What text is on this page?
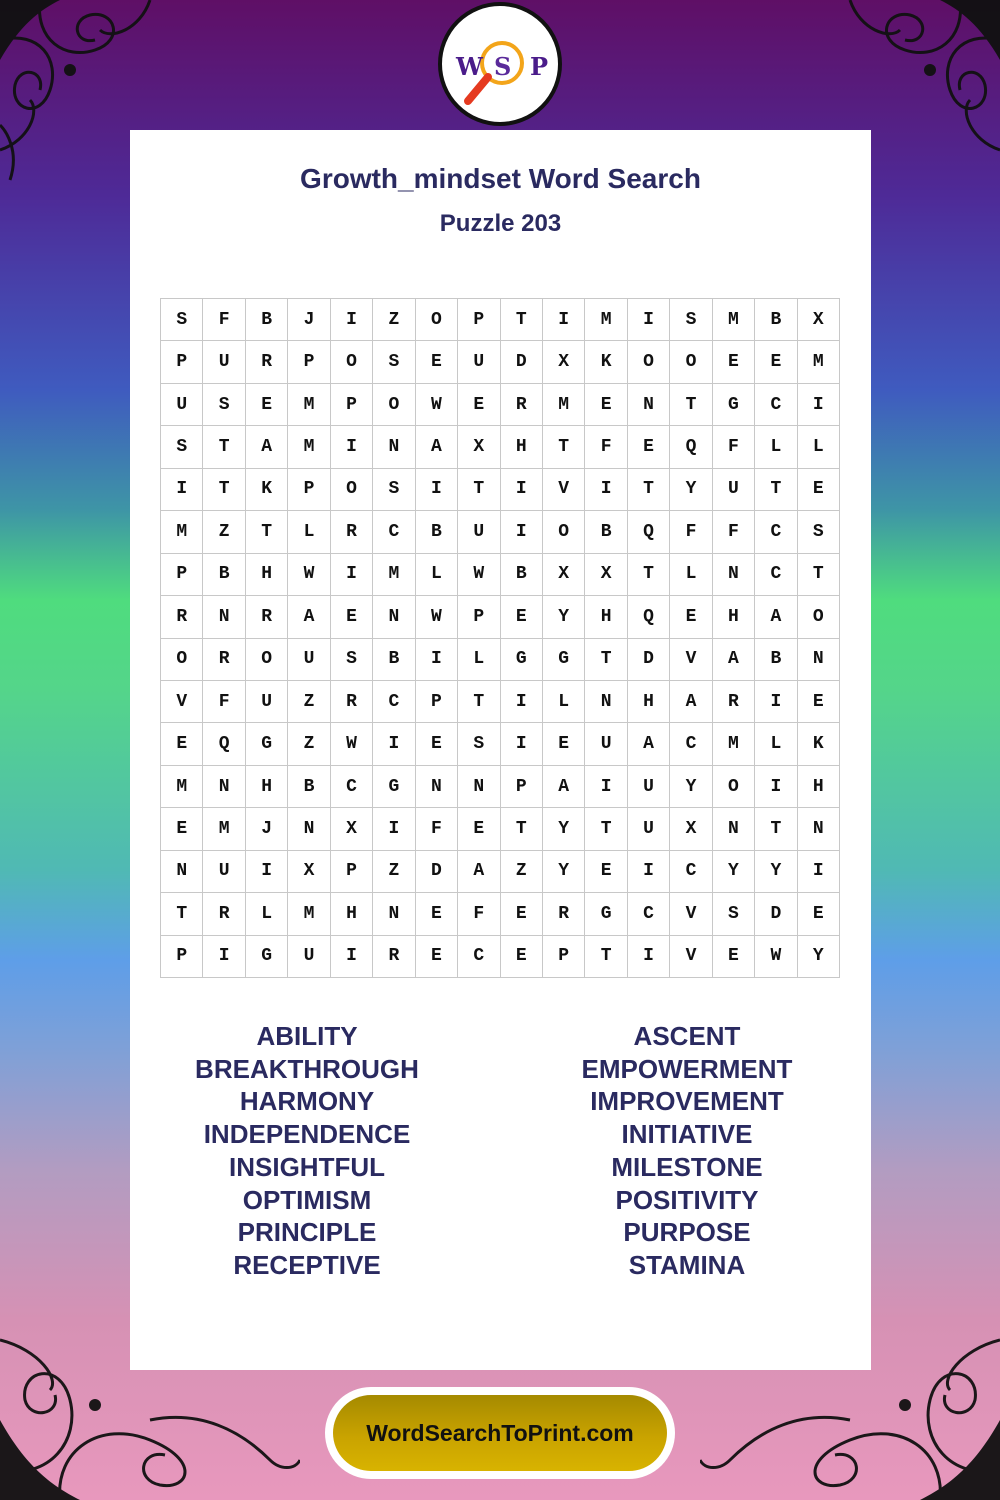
W S P
Growth_mindset Word Search
Puzzle 203
S	F	B	J	I	Z	O	P	T	I	M	I	S	M	B	X
P	U	R	P	O	S	E	U	D	X	K	O	O	E	E	M
U	S	E	M	P	O	W	E	R	M	E	N	T	G	C	I
S	T	A	M	I	N	A	X	H	T	F	E	Q	F	L	L
I	T	K	P	O	S	I	T	I	V	I	T	Y	U	T	E
M	Z	T	L	R	C	B	U	I	O	B	Q	F	F	C	S
P	B	H	W	I	M	L	W	B	X	X	T	L	N	C	T
R	N	R	A	E	N	W	P	E	Y	H	Q	E	H	A	O
O	R	O	U	S	B	I	L	G	G	T	D	V	A	B	N
V	F	U	Z	R	C	P	T	I	L	N	H	A	R	I	E
E	Q	G	Z	W	I	E	S	I	E	U	A	C	M	L	K
M	N	H	B	C	G	N	N	P	A	I	U	Y	O	I	H
E	M	J	N	X	I	F	E	T	Y	T	U	X	N	T	N
N	U	I	X	P	Z	D	A	Z	Y	E	I	C	Y	Y	I
T	R	L	M	H	N	E	F	E	R	G	C	V	S	D	E
P	I	G	U	I	R	E	C	E	P	T	I	V	E	W	Y
ABILITY
BREAKTHROUGH
HARMONY
INDEPENDENCE
INSIGHTFUL
OPTIMISM
PRINCIPLE
RECEPTIVE
ASCENT
EMPOWERMENT
IMPROVEMENT
INITIATIVE
MILESTONE
POSITIVITY
PURPOSE
STAMINA
WordSearchToPrint.com
